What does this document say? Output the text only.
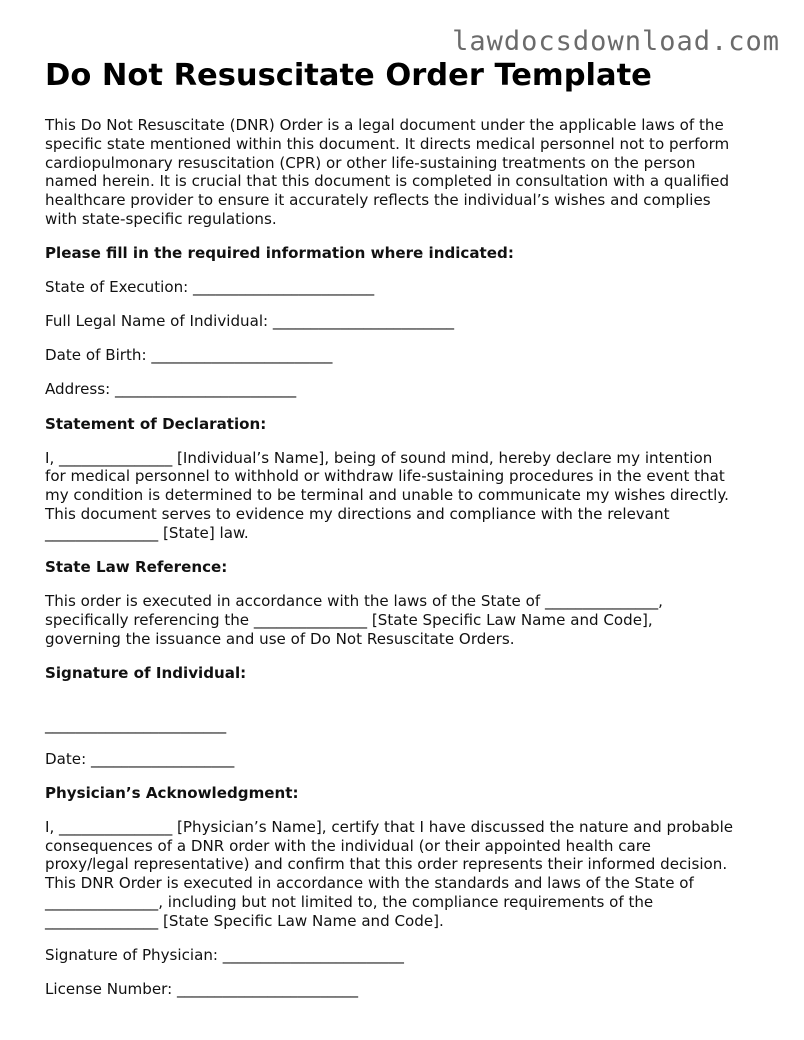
lawdocsdownload.com
Do Not Resuscitate Order Template

This Do Not Resuscitate (DNR) Order is a legal document under the applicable laws of the
specific state mentioned within this document. It directs medical personnel not to perform
cardiopulmonary resuscitation (CPR) or other life-sustaining treatments on the person
named herein. It is crucial that this document is completed in consultation with a qualified
healthcare provider to ensure it accurately reflects the individual’s wishes and complies
with state-specific regulations.

Please fill in the required information where indicated:

State of Execution: ________________________

Full Legal Name of Individual: ________________________

Date of Birth: ________________________

Address: ________________________

Statement of Declaration:

I, _______________ [Individual’s Name], being of sound mind, hereby declare my intention
for medical personnel to withhold or withdraw life-sustaining procedures in the event that
my condition is determined to be terminal and unable to communicate my wishes directly.
This document serves to evidence my directions and compliance with the relevant
_______________ [State] law.

State Law Reference:

This order is executed in accordance with the laws of the State of _______________,
specifically referencing the _______________ [State Specific Law Name and Code],
governing the issuance and use of Do Not Resuscitate Orders.

Signature of Individual:

________________________

Date: ___________________

Physician’s Acknowledgment:

I, _______________ [Physician’s Name], certify that I have discussed the nature and probable
consequences of a DNR order with the individual (or their appointed health care
proxy/legal representative) and confirm that this order represents their informed decision.
This DNR Order is executed in accordance with the standards and laws of the State of
_______________, including but not limited to, the compliance requirements of the
_______________ [State Specific Law Name and Code].

Signature of Physician: ________________________

License Number: ________________________
